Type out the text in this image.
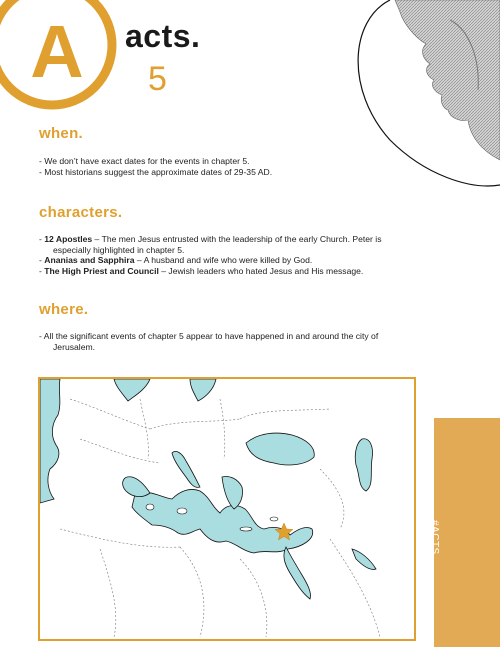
A acts.
5
when.

- We don’t have exact dates for the events in chapter 5.

- Most historians suggest the approximate dates of 29-35 AD.

characters.

- 12 Apostles – The men Jesus entrusted with the leadership of the early Church. Peter is

especially highlighted in chapter 5.

- Ananias and Sapphira – A husband and wife who were killed by God.

- The High Priest and Council – Jewish leaders who hated Jesus and His message.

where.

- All the significant events of chapter 5 appear to have happened in and around the city of

Jerusalem.

#ACTS
2BELIKECHRIST.
